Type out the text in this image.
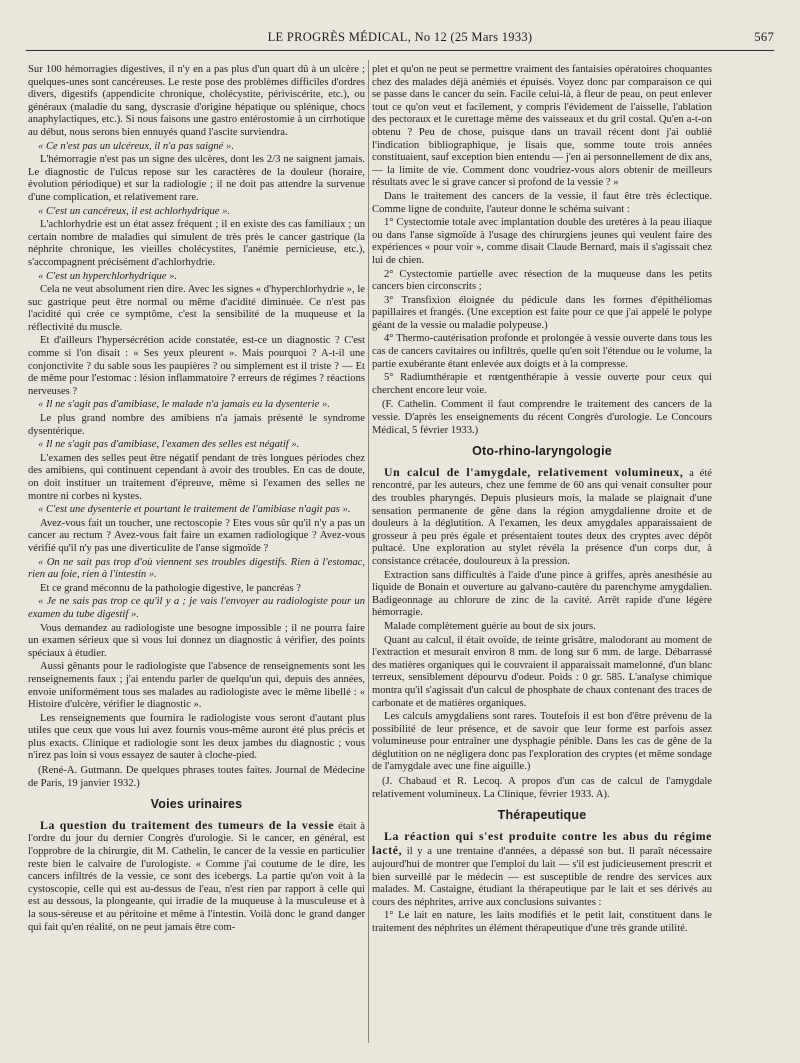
LE PROGRÈS MÉDICAL, No 12 (25 Mars 1933)	567

Sur 100 hémorragies digestives, il n'y en a pas plus d'un quart dû à un ulcère ; quelques-unes sont cancéreuses. Le reste pose des problèmes difficiles d'ordres divers, digestifs (appendicite chronique, cholécystite, périviscérite, etc.), ou généraux (maladie du sang, dyscrasie d'origine hépatique ou splénique, chocs anaphylactiques, etc.). Si nous faisons une gastro entérostomie à un cirrhotique au début, nous serons bien ennuyés quand l'ascite surviendra.

« Ce n'est pas un ulcéreux, il n'a pas saigné ».

L'hémorragie n'est pas un signe des ulcères, dont les 2/3 ne saignent jamais. Le diagnostic de l'ulcus repose sur les caractères de la douleur (horaire, évolution périodique) et sur la radiologie ; il ne doit pas attendre la survenue d'une complication, et relativement rare.

« C'est un cancéreux, il est achlorhydrique ».

L'achlorhydrie est un état assez fréquent ; il en existe des cas familiaux ; un certain nombre de maladies qui simulent de très près le cancer gastrique (la néphrite chronique, les vieilles cholécystites, l'anémie pernicieuse, etc.), s'accompagnent précisément d'achlorhydrie.

« C'est un hyperchlorhydrique ».

Cela ne veut absolument rien dire. Avec les signes « d'hyperchlorhydrie », le suc gastrique peut être normal ou même d'acidité diminuée. Ce n'est pas l'acidité qui crée ce symptôme, c'est la sensibilité de la muqueuse et la réflectivité du muscle.

Et d'ailleurs l'hypersécrétion acide constatée, est-ce un diagnostic ? C'est comme si l'on disait : « Ses yeux pleurent ». Mais pourquoi ? A-t-il une conjonctivite ? du sable sous les paupières ? ou simplement est il triste ? — Et de même pour l'estomac : lésion inflammatoire ? erreurs de régimes ? réactions nerveuses ?

« Il ne s'agit pas d'amibiase, le malade n'a jamais eu la dysenterie ».

Le plus grand nombre des amibiens n'a jamais présenté le syndrome dysentérique.

« Il ne s'agit pas d'amibiase, l'examen des selles est négatif ».

L'examen des selles peut être négatif pendant de très longues périodes chez des amibiens, qui continuent cependant à avoir des troubles. En cas de doute, on doit instituer un traitement d'épreuve, même si l'examen des selles ne montre ni corbes ni kystes.

« C'est une dysenterie et pourtant le traitement de l'amibiase n'agit pas ».

Avez-vous fait un toucher, une rectoscopie ? Etes vous sûr qu'il n'y a pas un cancer au rectum ? Avez-vous fait faire un examen radiologique ? Avez-vous vérifié qu'il n'y pas une diverticulite de l'anse sigmoïde ?

« On ne sait pas trop d'où viennent ses troubles digestifs. Rien à l'estomac, rien au foie, rien à l'intestin ».

Et ce grand méconnu de la pathologie digestive, le pancréas ?

« Je ne sais pas trop ce qu'il y a ; je vais l'envoyer au radiologiste pour un examen du tube digestif ».

Vous demandez au radiologiste une besogne impossible ; il ne pourra faire un examen sérieux que si vous lui donnez un diagnostic à vérifier, des points spéciaux à étudier.

Aussi gênants pour le radiologiste que l'absence de renseignements sont les renseignements faux ; j'ai entendu parler de quelqu'un qui, depuis des années, envoie uniformément tous ses malades au radiologiste avec le même libellé : « Histoire d'ulcère, vérifier le diagnostic ».

Les renseignements que fournira le radiologiste vous seront d'autant plus utiles que ceux que vous lui avez fournis vous-même auront été plus précis et plus exacts. Clinique et radiologie sont les deux jambes du diagnostic ; vous n'irez pas loin si vous essayez de sauter à cloche-pied.

(René-A. Gutmann. De quelques phrases toutes faites. Journal de Médecine de Paris, 19 janvier 1932.)

Voies urinaires

La question du traitement des tumeurs de la vessie était à l'ordre du jour du dernier Congrès d'urologie. Si le cancer, en général, est l'opprobre de la chirurgie, dit M. Cathelin, le cancer de la vessie en particulier reste bien le calvaire de l'urologiste. « Comme j'ai coutume de le dire, les cancers infiltrés de la vessie, ce sont des icebergs. La partie qu'on voit à la cystoscopie, celle qui est au-dessus de l'eau, n'est rien par rapport à celle qui est au dessous, la plongeante, qui irradie de la muqueuse à la musculeuse et à la sous-séreuse et au péritoine et même à l'intestin. Voilà donc le grand danger qui fait qu'en réalité, on ne peut jamais être com-

plet et qu'on ne peut se permettre vraiment des fantaisies opératoires choquantes chez des malades déjà anémiés et épuisés. Voyez donc par comparaison ce qui se passe dans le cancer du sein. Facile celui-là, à fleur de peau, on peut enlever tout ce qu'on veut et facilement, y compris l'évidement de l'aisselle, l'ablation des pectoraux et le curettage même des vaisseaux et du gril costal. Qu'en a-t-on obtenu ? Peu de chose, puisque dans un travail récent dont j'ai oublié l'indication bibliographique, je lisais que, somme toute trois années constituaient, sauf exception bien entendu — j'en ai personnellement de dix ans, — la limite de vie. Comment donc voudriez-vous alors obtenir de meilleurs résultats avec le si grave cancer si profond de la vessie ? »

Dans le traitement des cancers de la vessie, il faut être très éclectique. Comme ligne de conduite, l'auteur donne le schéma suivant :

1° Cystectomie totale avec implantation double des uretères à la peau iliaque ou dans l'anse sigmoïde à l'usage des chirurgiens jeunes qui veulent faire des expériences « pour voir », comme disait Claude Bernard, mais il s'agissait chez lui de chien.

2° Cystectomie partielle avec résection de la muqueuse dans les petits cancers bien circonscrits ;

3° Transfixion éloignée du pédicule dans les formes d'épithéliomas papillaires et frangés. (Une exception est faite pour ce que j'ai appelé le polype géant de la vessie ou maladie polypeuse.)

4° Thermo-cautérisation profonde et prolongée à vessie ouverte dans tous les cas de cancers cavitaires ou infiltrés, quelle qu'en soit l'étendue ou le volume, la partie exubérante étant enlevée aux doigts et à la compresse.

5° Radiumthérapie et rœntgenthérapie à vessie ouverte pour ceux qui cherchent encore leur voie.

(F. Cathelin. Comment il faut comprendre le traitement des cancers de la vessie. D'après les enseignements du récent Congrès d'urologie. Le Concours Médical, 5 février 1933.)

Oto-rhino-laryngologie

Un calcul de l'amygdale, relativement volumineux, a été rencontré, par les auteurs, chez une femme de 60 ans qui venait consulter pour des troubles pharyngés. Depuis plusieurs mois, la malade se plaignait d'une sensation permanente de gêne dans la région amygdalienne droite et de douleurs à la déglutition. A l'examen, les deux amygdales apparaissaient de grosseur à peu près égale et présentaient toutes deux des cryptes avec dépôt pultacé. Une exploration au stylet révéla la présence d'un corps dur, à consistance crétacée, douloureux à la pression.

Extraction sans difficultés à l'aide d'une pince à griffes, après anesthésie au liquide de Bonain et ouverture au galvano-cautère du parenchyme amygdalien. Badigeonnage au chlorure de zinc de la cavité. Arrêt rapide d'une légère hémorragie.

Malade complètement guérie au bout de six jours.

Quant au calcul, il était ovoïde, de teinte grisâtre, malodorant au moment de l'extraction et mesurait environ 8 mm. de long sur 6 mm. de large. Débarrassé des matières organiques qui le couvraient il apparaissait mamelonné, d'un blanc terreux, sensiblement dépourvu d'odeur. Poids : 0 gr. 585. L'analyse chimique montra qu'il s'agissait d'un calcul de phosphate de chaux contenant des traces de carbonate et de matières organiques.

Les calculs amygdaliens sont rares. Toutefois il est bon d'être prévenu de la possibilité de leur présence, et de savoir que leur forme est parfois assez volumineuse pour entraîner une dysphagie pénible. Dans les cas de gêne de la déglutition on ne négligera donc pas l'exploration des cryptes (et même sondage de l'amygdale avec une fine aiguille.)

(J. Chabaud et R. Lecoq. A propos d'un cas de calcul de l'amygdale relativement volumineux. La Clinique, février 1933. A).

Thérapeutique

La réaction qui s'est produite contre les abus du régime lacté, il y a une trentaine d'années, a dépassé son but. Il paraît nécessaire aujourd'hui de montrer que l'emploi du lait — s'il est judicieusement prescrit et bien surveillé par le médecin — est susceptible de rendre des services aux malades. M. Castaigne, étudiant la thérapeutique par le lait et ses dérivés au cours des néphrites, arrive aux conclusions suivantes :

1° Le lait en nature, les laits modifiés et le petit lait, constituent dans le traitement des néphrites un élément thérapeutique d'une très grande utilité.
